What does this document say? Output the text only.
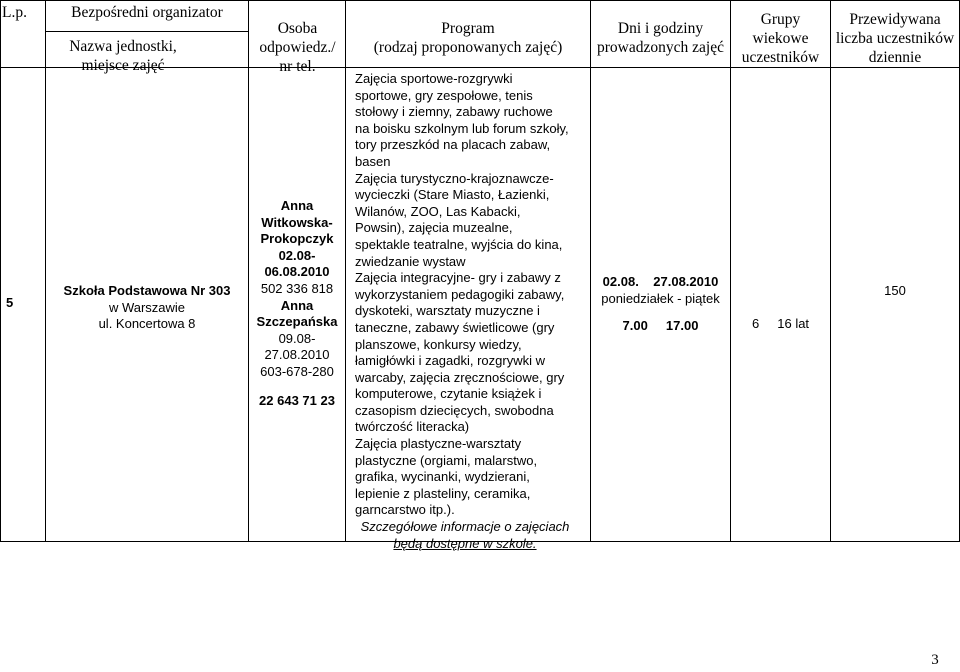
L.p.	Bezpośredni organizator
Nazwa jednostki, miejsce zajęć
Osoba
odpowiedz./
nr tel.
Program
(rodzaj proponowanych zajęć)
Dni i godziny
prowadzonych zajęć
Grupy
wiekowe
uczestników
Przewidywana
liczba uczestników
dziennie
5
Szkoła Podstawowa Nr 303
w Warszawie
ul. Koncertowa 8
Anna
Witkowska-
Prokopczyk
02.08-
06.08.2010
502 336 818
Anna
Szczepańska
09.08-
27.08.2010
603-678-280
22 643 71 23
Zajęcia sportowe-rozgrywki
sportowe, gry zespołowe, tenis
stołowy i ziemny, zabawy ruchowe
na boisku szkolnym lub forum szkoły,
tory przeszkód na placach zabaw,
basen
Zajęcia turystyczno-krajoznawcze-
wycieczki (Stare Miasto, Łazienki,
Wilanów, ZOO, Las Kabacki,
Powsin), zajęcia muzealne,
spektakle teatralne, wyjścia do kina,
zwiedzanie wystaw
Zajęcia integracyjne- gry i zabawy z
wykorzystaniem pedagogiki zabawy,
dyskoteki, warsztaty muzyczne i
taneczne, zabawy świetlicowe (gry
planszowe, konkursy wiedzy,
łamigłówki i zagadki, rozgrywki w
warcaby, zajęcia zręcznościowe, gry
komputerowe, czytanie książek i
czasopism dziecięcych, swobodna
twórczość literacka)
Zajęcia plastyczne-warsztaty
plastyczne (orgiami, malarstwo,
grafika, wycinanki, wydzierani,
lepienie z plasteliny, ceramika,
garncarstwo itp.).
Szczegółowe informacje o zajęciach
będą dostępne w szkole.
02.08.    27.08.2010
poniedziałek - piątek
7.00     17.00	6     16 lat
150
3
